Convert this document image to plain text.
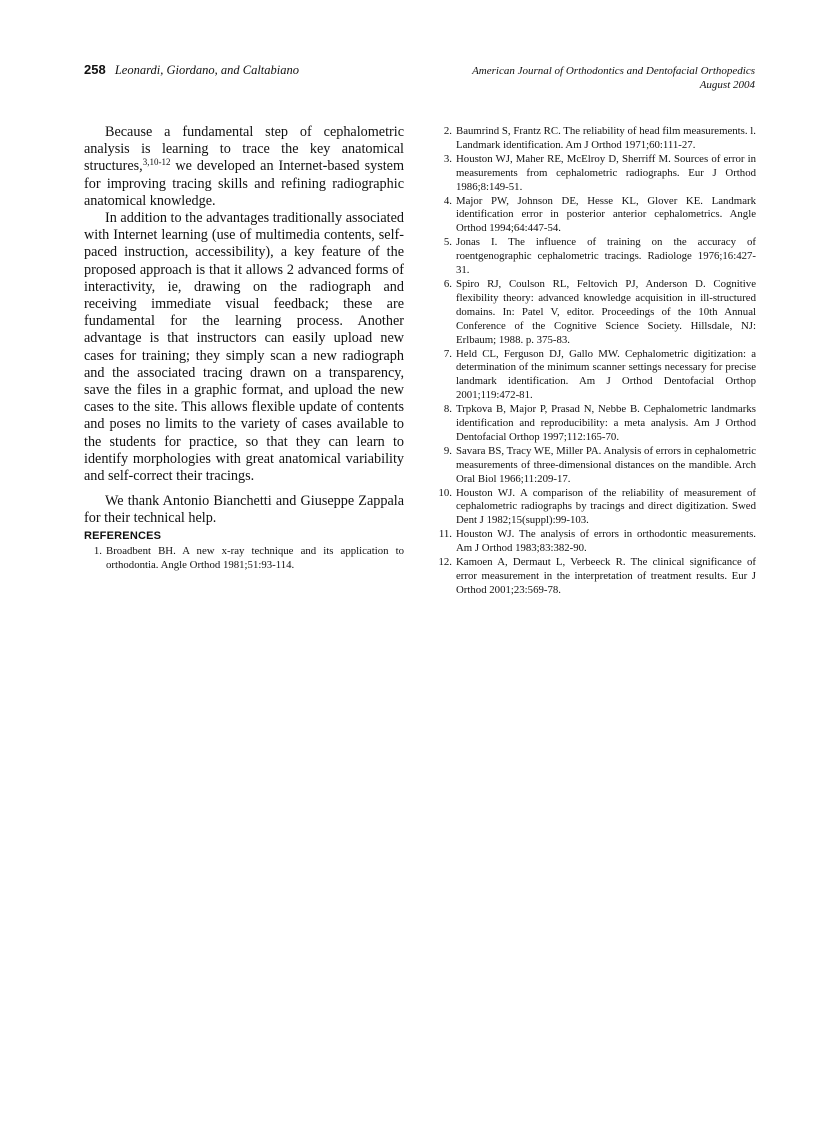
258 Leonardi, Giordano, and Caltabiano	American Journal of Orthodontics and Dentofacial Orthopedics
August 2004

Because a fundamental step of cephalometric analysis is learning to trace the key anatomical structures,$^{3,10-12}$ we developed an Internet-based system for improving tracing skills and refining radiographic anatomical knowledge.

In addition to the advantages traditionally associated with Internet learning (use of multimedia contents, self-paced instruction, accessibility), a key feature of the proposed approach is that it allows 2 advanced forms of interactivity, ie, drawing on the radiograph and receiving immediate visual feedback; these are fundamental for the learning process. Another advantage is that instructors can easily upload new cases for training; they simply scan a new radiograph and the associated tracing drawn on a transparency, save the files in a graphic format, and upload the new cases to the site. This allows flexible update of contents and poses no limits to the variety of cases available to the students for practice, so that they can learn to identify morphologies with great anatomical variability and self-correct their tracings.

We thank Antonio Bianchetti and Giuseppe Zappala for their technical help.

REFERENCES

1. Broadbent BH. A new x-ray technique and its application to orthodontia. Angle Orthod 1981;51:93-114.
2. Baumrind S, Frantz RC. The reliability of head film measurements. l. Landmark identification. Am J Orthod 1971;60:111-27.
3. Houston WJ, Maher RE, McElroy D, Sherriff M. Sources of error in measurements from cephalometric radiographs. Eur J Orthod 1986;8:149-51.
4. Major PW, Johnson DE, Hesse KL, Glover KE. Landmark identification error in posterior anterior cephalometrics. Angle Orthod 1994;64:447-54.
5. Jonas I. The influence of training on the accuracy of roentgenographic cephalometric tracings. Radiologe 1976;16:427-31.
6. Spiro RJ, Coulson RL, Feltovich PJ, Anderson D. Cognitive flexibility theory: advanced knowledge acquisition in ill-structured domains. In: Patel V, editor. Proceedings of the 10th Annual Conference of the Cognitive Science Society. Hillsdale, NJ: Erlbaum; 1988. p. 375-83.
7. Held CL, Ferguson DJ, Gallo MW. Cephalometric digitization: a determination of the minimum scanner settings necessary for precise landmark identification. Am J Orthod Dentofacial Orthop 2001;119:472-81.
8. Trpkova B, Major P, Prasad N, Nebbe B. Cephalometric landmarks identification and reproducibility: a meta analysis. Am J Orthod Dentofacial Orthop 1997;112:165-70.
9. Savara BS, Tracy WE, Miller PA. Analysis of errors in cephalometric measurements of three-dimensional distances on the mandible. Arch Oral Biol 1966;11:209-17.
10. Houston WJ. A comparison of the reliability of measurement of cephalometric radiographs by tracings and direct digitization. Swed Dent J 1982;15(suppl):99-103.
11. Houston WJ. The analysis of errors in orthodontic measurements. Am J Orthod 1983;83:382-90.
12. Kamoen A, Dermaut L, Verbeeck R. The clinical significance of error measurement in the interpretation of treatment results. Eur J Orthod 2001;23:569-78.
